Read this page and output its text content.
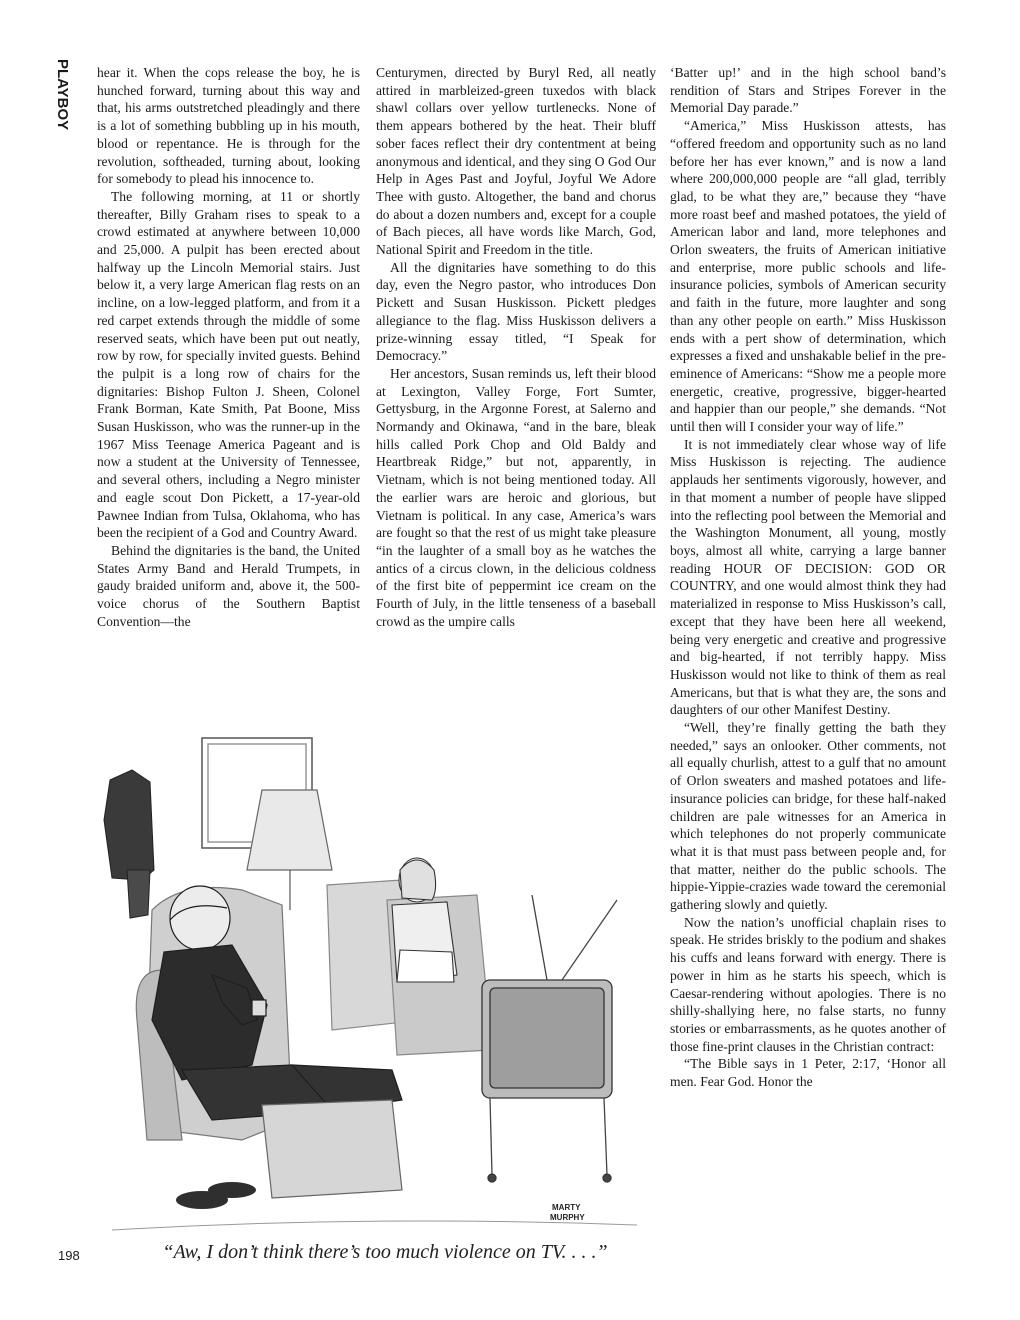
PLAYBOY hear it. When the cops release the boy, he is hunched forward, turning about this way and that, his arms outstretched pleadingly and there is a lot of something bubbling up in his mouth, blood or repentance. He is through for the revolution, softheaded, turning about, looking for somebody to plead his innocence to.

The following morning, at 11 or shortly thereafter, Billy Graham rises to speak to a crowd estimated at anywhere between 10,000 and 25,000. A pulpit has been erected about halfway up the Lincoln Memorial stairs. Just below it, a very large American flag rests on an incline, on a low-legged platform, and from it a red carpet extends through the middle of some reserved seats, which have been put out neatly, row by row, for specially invited guests. Behind the pulpit is a long row of chairs for the dignitaries: Bishop Fulton J. Sheen, Colonel Frank Borman, Kate Smith, Pat Boone, Miss Susan Huskisson, who was the runner-up in the 1967 Miss Teenage America Pageant and is now a student at the University of Tennessee, and several others, including a Negro minister and eagle scout Don Pickett, a 17-year-old Pawnee Indian from Tulsa, Oklahoma, who has been the recipient of a God and Country Award.

Behind the dignitaries is the band, the United States Army Band and Herald Trumpets, in gaudy braided uniform and, above it, the 500-voice chorus of the Southern Baptist Convention—the

Centurymen, directed by Buryl Red, all neatly attired in marbleized-green tuxedos with black shawl collars over yellow turtlenecks. None of them appears bothered by the heat. Their bluff sober faces reflect their dry contentment at being anonymous and identical, and they sing O God Our Help in Ages Past and Joyful, Joyful We Adore Thee with gusto. Altogether, the band and chorus do about a dozen numbers and, except for a couple of Bach pieces, all have words like March, God, National Spirit and Freedom in the title.

All the dignitaries have something to do this day, even the Negro pastor, who introduces Don Pickett and Susan Huskisson. Pickett pledges allegiance to the flag. Miss Huskisson delivers a prize-winning essay titled, “I Speak for Democracy.”

Her ancestors, Susan reminds us, left their blood at Lexington, Valley Forge, Fort Sumter, Gettysburg, in the Argonne Forest, at Salerno and Normandy and Okinawa, “and in the bare, bleak hills called Pork Chop and Old Baldy and Heartbreak Ridge,” but not, apparently, in Vietnam, which is not being mentioned today. All the earlier wars are heroic and glorious, but Vietnam is political. In any case, America’s wars are fought so that the rest of us might take pleasure “in the laughter of a small boy as he watches the antics of a circus clown, in the delicious coldness of the first bite of peppermint ice cream on the Fourth of July, in the little tenseness of a baseball crowd as the umpire calls

‘Batter up!’ and in the high school band’s rendition of Stars and Stripes Forever in the Memorial Day parade.”

“America,” Miss Huskisson attests, has “offered freedom and opportunity such as no land before her has ever known,” and is now a land where 200,000,000 people are “all glad, terribly glad, to be what they are,” because they “have more roast beef and mashed potatoes, the yield of American labor and land, more telephones and Orlon sweaters, the fruits of American initiative and enterprise, more public schools and life-insurance policies, symbols of American security and faith in the future, more laughter and song than any other people on earth.” Miss Huskisson ends with a pert show of determination, which expresses a fixed and unshakable belief in the pre-eminence of Americans: “Show me a people more energetic, creative, progressive, bigger-hearted and happier than our people,” she demands. “Not until then will I consider your way of life.”

It is not immediately clear whose way of life Miss Huskisson is rejecting. The audience applauds her sentiments vigorously, however, and in that moment a number of people have slipped into the reflecting pool between the Memorial and the Washington Monument, all young, mostly boys, almost all white, carrying a large banner reading HOUR OF DECISION: GOD OR COUNTRY, and one would almost think they had materialized in response to Miss Huskisson’s call, except that they have been here all weekend, being very energetic and creative and progressive and big-hearted, if not terribly happy. Miss Huskisson would not like to think of them as real Americans, but that is what they are, the sons and daughters of our other Manifest Destiny.

“Well, they’re finally getting the bath they needed,” says an onlooker. Other comments, not all equally churlish, attest to a gulf that no amount of Orlon sweaters and mashed potatoes and life-insurance policies can bridge, for these half-naked children are pale witnesses for an America in which telephones do not properly communicate what it is that must pass between people and, for that matter, neither do the public schools. The hippie-Yippie-crazies wade toward the ceremonial gathering slowly and quietly.

Now the nation’s unofficial chaplain rises to speak. He strides briskly to the podium and shakes his cuffs and leans forward with energy. There is power in him as he starts his speech, which is Caesar-rendering without apologies. There is no shilly-shallying here, no false starts, no funny stories or embarrassments, as he quotes another of those fine-print clauses in the Christian contract:

“The Bible says in 1 Peter, 2:17, ‘Honor all men. Fear God. Honor the

MARTY
MURPHY
“Aw, I don’t think there’s too much violence on TV. . . .”
198
